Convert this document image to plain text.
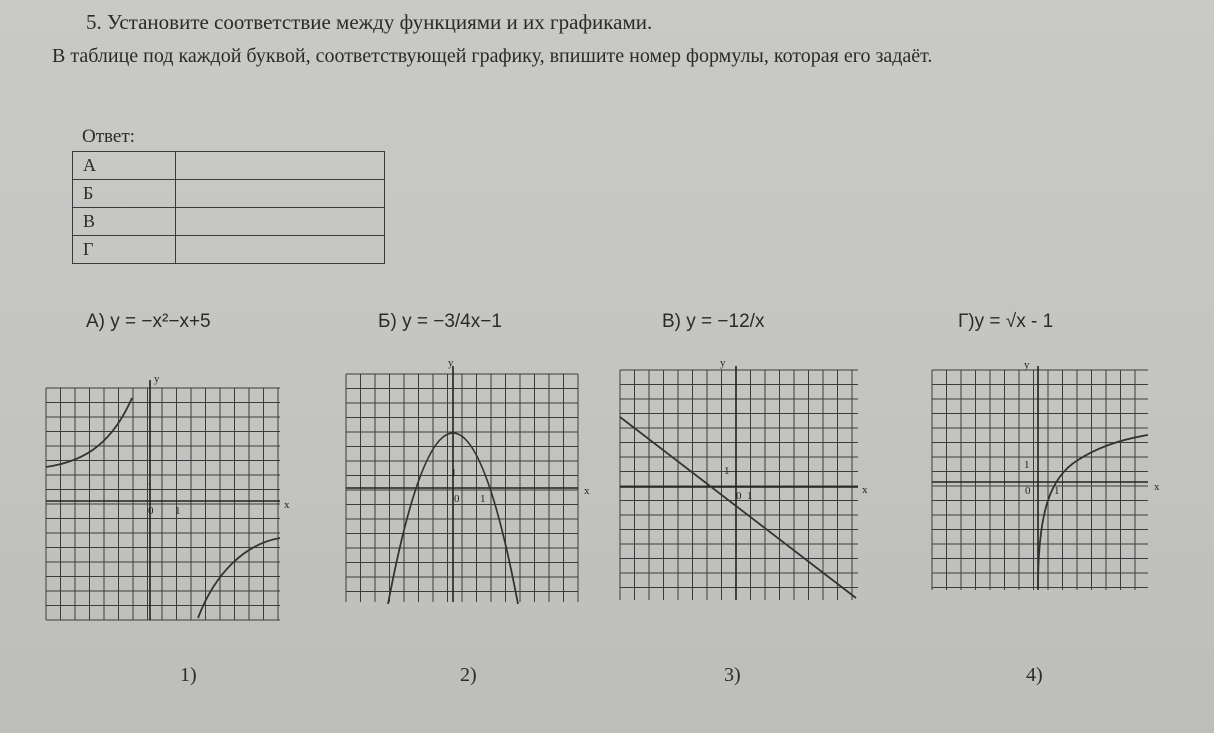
5. Установите соответствие между функциями и их графиками.
В таблице под каждой буквой, соответствующей графику, впишите номер формулы, которая его задаёт.
Ответ:
А	
Б	
В	
Г	
А) y = −x²−x+5	Б) y = −3/4x−1	В) y = −12/x	Г)y = √x - 1
y
x
0 1
1
y
x
0 1
1
y
x
0 1
1
y
x
0 1
1
1)	2)	3)	4)
